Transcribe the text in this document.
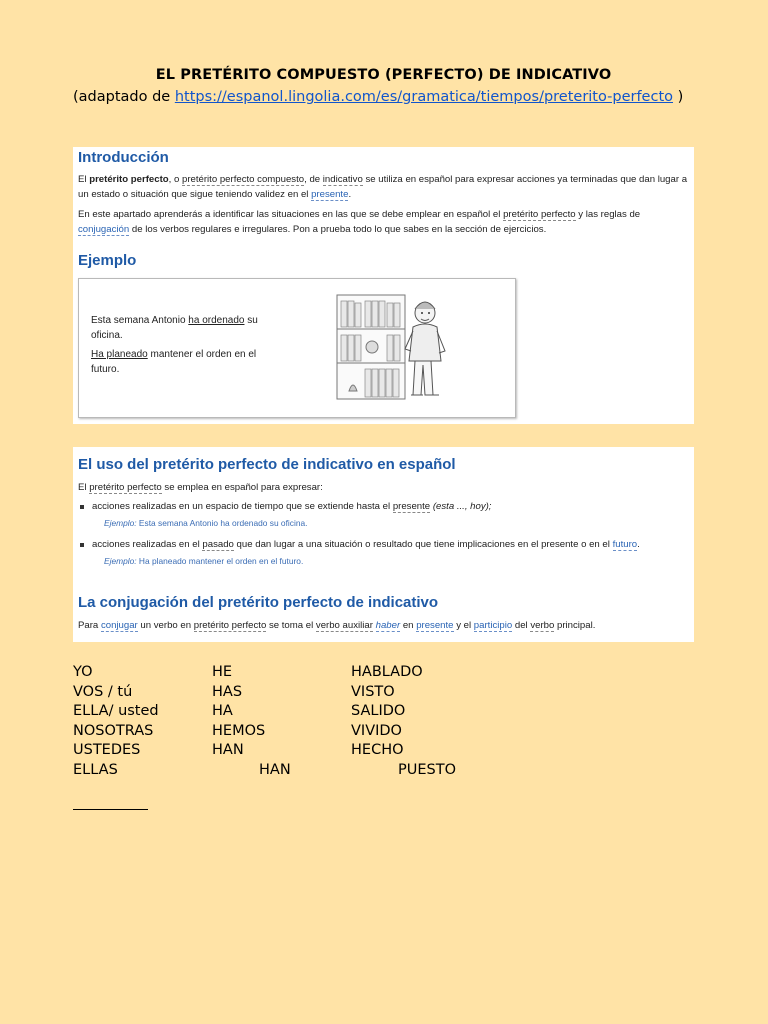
EL PRETÉRITO COMPUESTO (PERFECTO) DE INDICATIVO
(adaptado de https://espanol.lingolia.com/es/gramatica/tiempos/preterito-perfecto )
Introducción
El pretérito perfecto, o pretérito perfecto compuesto, de indicativo se utiliza en español para expresar acciones ya terminadas que dan lugar a un estado o situación que sigue teniendo validez en el presente.
En este apartado aprenderás a identificar las situaciones en las que se debe emplear en español el pretérito perfecto y las reglas de conjugación de los verbos regulares e irregulares. Pon a prueba todo lo que sabes en la sección de ejercicios.
Ejemplo
Esta semana Antonio ha ordenado su oficina.
Ha planeado mantener el orden en el futuro.
El uso del pretérito perfecto de indicativo en español
El pretérito perfecto se emplea en español para expresar:
acciones realizadas en un espacio de tiempo que se extiende hasta el presente (esta ..., hoy);
Ejemplo: Esta semana Antonio ha ordenado su oficina.
acciones realizadas en el pasado que dan lugar a una situación o resultado que tiene implicaciones en el presente o en el futuro.
Ejemplo: Ha planeado mantener el orden en el futuro.
La conjugación del pretérito perfecto de indicativo
Para conjugar un verbo en pretérito perfecto se toma el verbo auxiliar haber en presente y el participio del verbo principal.
YO	HE	HABLADO
VOS / tú	HAS	VISTO
ELLA/ usted	HA	SALIDO
NOSOTRAS	HEMOS	VIVIDO
USTEDES	HAN	HECHO
ELLAS	HAN	PUESTO
